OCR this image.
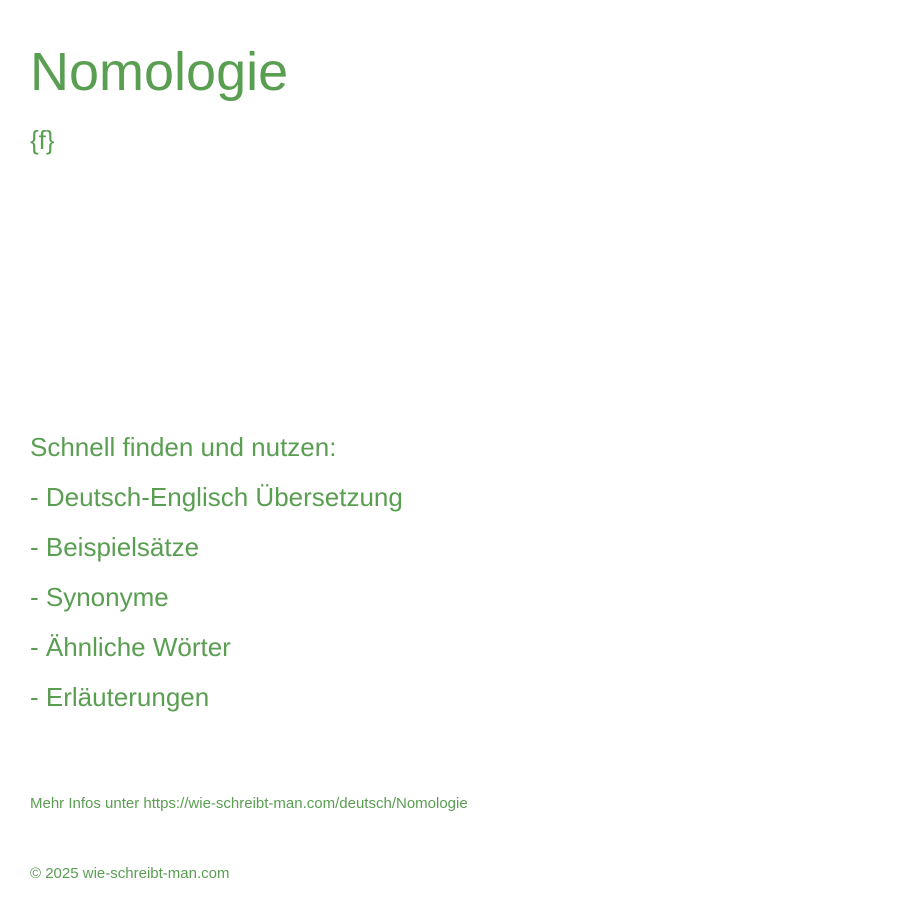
Nomologie
{f}
Schnell finden und nutzen:
- Deutsch-Englisch Übersetzung
- Beispielsätze
- Synonyme
- Ähnliche Wörter
- Erläuterungen
Mehr Infos unter https://wie-schreibt-man.com/deutsch/Nomologie
© 2025 wie-schreibt-man.com
